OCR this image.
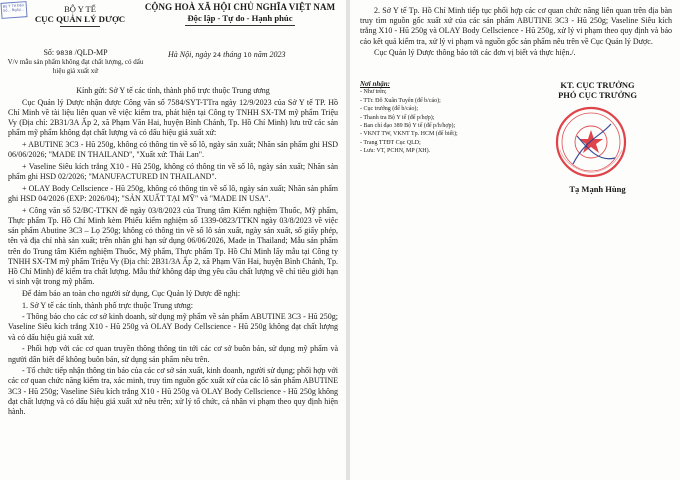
Bộ Y Tế Đến Số... Ngày...	BỘ Y TẾ
CỤC QUẢN LÝ DƯỢC
CỘNG HOÀ XÃ HỘI CHỦ NGHĨA VIỆT NAM
Độc lập - Tự do - Hạnh phúc
Số: 9838 /QLD-MP
V/v mẫu sản phẩm không đạt chất lượng, có dấu hiệu giả xuất xứ
Hà Nội, ngày 24 tháng 10 năm 2023

Kính gửi: Sở Y tế các tỉnh, thành phố trực thuộc Trung ương

Cục Quản lý Dược nhận được Công văn số 7584/SYT-TTra ngày 12/9/2023 của Sở Y tế TP. Hồ Chí Minh về tài liệu liên quan về việc kiểm tra, phát hiện tại Công ty TNHH SX-TM mỹ phẩm Triệu Vy (Địa chỉ: 2B31/3A Ấp 2, xã Phạm Văn Hai, huyện Bình Chánh, Tp. Hồ Chí Minh) lưu trữ các sản phẩm mỹ phẩm không đạt chất lượng và có dấu hiệu giả xuất xứ:

+ ABUTINE 3C3 - Hũ 250g, không có thông tin về số lô, ngày sản xuất; Nhãn sản phẩm ghi HSD 06/06/2026; "MADE IN THAILAND", "Xuất xứ: Thái Lan".

+ Vaseline Siêu kích trắng X10 - Hũ 250g, không có thông tin về số lô, ngày sản xuất; Nhãn sản phẩm ghi HSD 02/2026; "MANUFACTURED IN THAILAND".

+ OLAY Body Cellscience - Hũ 250g, không có thông tin về số lô, ngày sản xuất; Nhãn sản phẩm ghi HSD 04/2026 (EXP: 2026/04); "SẢN XUẤT TẠI MỸ" và "MADE IN USA".

+ Công văn số 52/BC-TTKN đề ngày 03/8/2023 của Trung tâm Kiểm nghiệm Thuốc, Mỹ phẩm, Thực phẩm Tp. Hồ Chí Minh kèm Phiếu kiểm nghiệm số 1339-0823/TTKN ngày 03/8/2023 về việc sản phẩm Abutine 3C3 – Lọ 250g; không có thông tin về số lô sản xuất, ngày sản xuất, số giấy phép, tên và địa chỉ nhà sản xuất; trên nhãn ghi hạn sử dụng 06/06/2026, Made in Thailand; Mẫu sản phẩm trên do Trung tâm Kiểm nghiệm Thuốc, Mỹ phẩm, Thực phẩm Tp. Hồ Chí Minh lấy mẫu tại Công ty TNHH SX-TM mỹ phẩm Triệu Vy (Địa chỉ: 2B31/3A Ấp 2, xã Phạm Văn Hai, huyện Bình Chánh, Tp. Hồ Chí Minh) để kiểm tra chất lượng. Mẫu thử không đáp ứng yêu cầu chất lượng về chỉ tiêu giới hạn vi sinh vật trong mỹ phẩm.

Để đảm bảo an toàn cho người sử dụng, Cục Quản lý Dược đề nghị:

1. Sở Y tế các tỉnh, thành phố trực thuộc Trung ương:

- Thông báo cho các cơ sở kinh doanh, sử dụng mỹ phẩm về sản phẩm ABUTINE 3C3 - Hũ 250g; Vaseline Siêu kích trắng X10 - Hũ 250g và OLAY Body Cellscience - Hũ 250g không đạt chất lượng và có dấu hiệu giả xuất xứ.

- Phối hợp với các cơ quan truyền thông thông tin tới các cơ sở buôn bán, sử dụng mỹ phẩm và người dân biết để không buôn bán, sử dụng sản phẩm nêu trên.

- Tổ chức tiếp nhận thông tin báo của các cơ sở sản xuất, kinh doanh, người sử dụng; phối hợp với các cơ quan chức năng kiểm tra, xác minh, truy tìm nguồn gốc xuất xứ của các lô sản phẩm ABUTINE 3C3 - Hũ 250g; Vaseline Siêu kích trắng X10 - Hũ 250g và OLAY Body Cellscience - Hũ 250g không đạt chất lượng và có dấu hiệu giả xuất xứ nêu trên; xử lý tổ chức, cá nhân vi phạm theo quy định hiện hành.

2. Sở Y tế Tp. Hồ Chí Minh tiếp tục phối hợp các cơ quan chức năng liên quan trên địa bàn truy tìm nguồn gốc xuất xứ của các sản phẩm ABUTINE 3C3 - Hũ 250g; Vaseline Siêu kích trắng X10 - Hũ 250g và OLAY Body Cellscience - Hũ 250g, xử lý vi phạm theo quy định và báo cáo kết quả kiểm tra, xử lý vi phạm và nguồn gốc sản phẩm nêu trên về Cục Quản lý Dược.

Cục Quản lý Dược thông báo tới các đơn vị biết và thực hiện./.

Nơi nhận:
- Như trên;
- TTr. Đỗ Xuân Tuyên (để b/cáo);
- Cục trưởng (để b/cáo);
- Thanh tra Bộ Y tế (để p/hợp);
- Ban chỉ đạo 389 Bộ Y tế (để p/h/hợp);
- VKNT TW, VKNT Tp. HCM (để biết);
- Trang TTĐT Cục QLD;
- Lưu: VT, PCHN, MP (XH).
KT. CỤC TRƯỞNG
PHÓ CỤC TRƯỞNG
Tạ Mạnh Hùng
